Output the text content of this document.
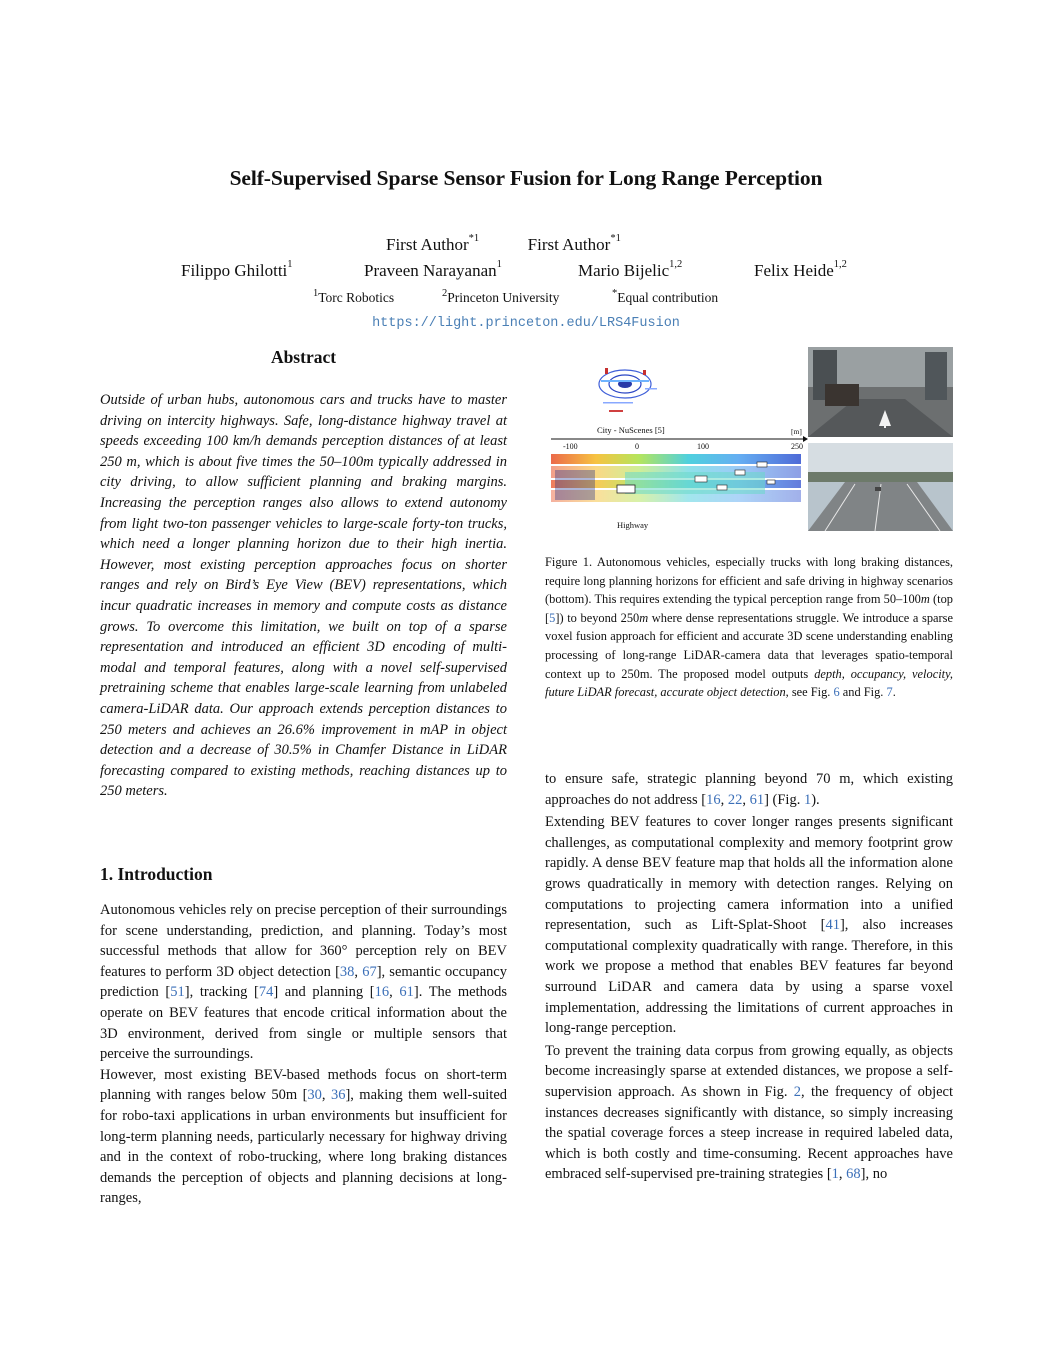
Self-Supervised Sparse Sensor Fusion for Long Range Perception
First Author$^{*1}$	First Author$^{*1}$
Filippo Ghilotti$^1$	Praveen Narayanan$^1$	Mario Bijelic$^{1,2}$	Felix Heide$^{1,2}$
$^1$Torc Robotics	$^2$Princeton University	*Equal contribution
https://light.princeton.edu/LRS4Fusion
Abstract
Outside of urban hubs, autonomous cars and trucks have to master driving on intercity highways. Safe, long-distance highway travel at speeds exceeding 100 km/h demands perception distances of at least 250 m, which is about five times the 50–100m typically addressed in city driving, to allow sufficient planning and braking margins. Increasing the perception ranges also allows to extend autonomy from light two-ton passenger vehicles to large-scale forty-ton trucks, which need a longer planning horizon due to their high inertia. However, most existing perception approaches focus on shorter ranges and rely on Bird’s Eye View (BEV) representations, which incur quadratic increases in memory and compute costs as distance grows. To overcome this limitation, we built on top of a sparse representation and introduced an efficient 3D encoding of multi-modal and temporal features, along with a novel self-supervised pretraining scheme that enables large-scale learning from unlabeled camera-LiDAR data. Our approach extends perception distances to 250 meters and achieves an 26.6% improvement in mAP in object detection and a decrease of 30.5% in Chamfer Distance in LiDAR forecasting compared to existing methods, reaching distances up to 250 meters.
1. Introduction

Autonomous vehicles rely on precise perception of their surroundings for scene understanding, prediction, and planning. Today’s most successful methods that allow for 360° perception rely on BEV features to perform 3D object detection [38, 67], semantic occupancy prediction [51], tracking [74] and planning [16, 61]. The methods operate on BEV features that encode critical information about the 3D environment, derived from single or multiple sensors that perceive the surroundings.

However, most existing BEV-based methods focus on short-term planning with ranges below 50m [30, 36], making them well-suited for robo-taxi applications in urban environments but insufficient for long-term planning needs, particularly necessary for highway driving and in the context of robo-trucking, where long braking distances demands the perception of objects and planning decisions at long-ranges,

City - NuScenes [5]	[m]
-100	0	100	250
Highway
Figure 1. Autonomous vehicles, especially trucks with long braking distances, require long planning horizons for efficient and safe driving in highway scenarios (bottom). This requires extending the typical perception range from 50–100m (top [5]) to beyond 250m where dense representations struggle. We introduce a sparse voxel fusion approach for efficient and accurate 3D scene understanding enabling processing of long-range LiDAR-camera data that leverages spatio-temporal context up to 250m. The proposed model outputs depth, occupancy, velocity, future LiDAR forecast, accurate object detection, see Fig. 6 and Fig. 7.

to ensure safe, strategic planning beyond 70 m, which existing approaches do not address [16, 22, 61] (Fig. 1).

Extending BEV features to cover longer ranges presents significant challenges, as computational complexity and memory footprint grow rapidly. A dense BEV feature map that holds all the information alone grows quadratically in memory with detection ranges. Relying on computations to projecting camera information into a unified representation, such as Lift-Splat-Shoot [41], also increases computational complexity quadratically with range. Therefore, in this work we propose a method that enables BEV features far beyond surround LiDAR and camera data by using a sparse voxel implementation, addressing the limitations of current approaches in long-range perception.

To prevent the training data corpus from growing equally, as objects become increasingly sparse at extended distances, we propose a self-supervision approach. As shown in Fig. 2, the frequency of object instances decreases significantly with distance, so simply increasing the spatial coverage forces a steep increase in required labeled data, which is both costly and time-consuming. Recent approaches have embraced self-supervised pre-training strategies [1, 68], no
